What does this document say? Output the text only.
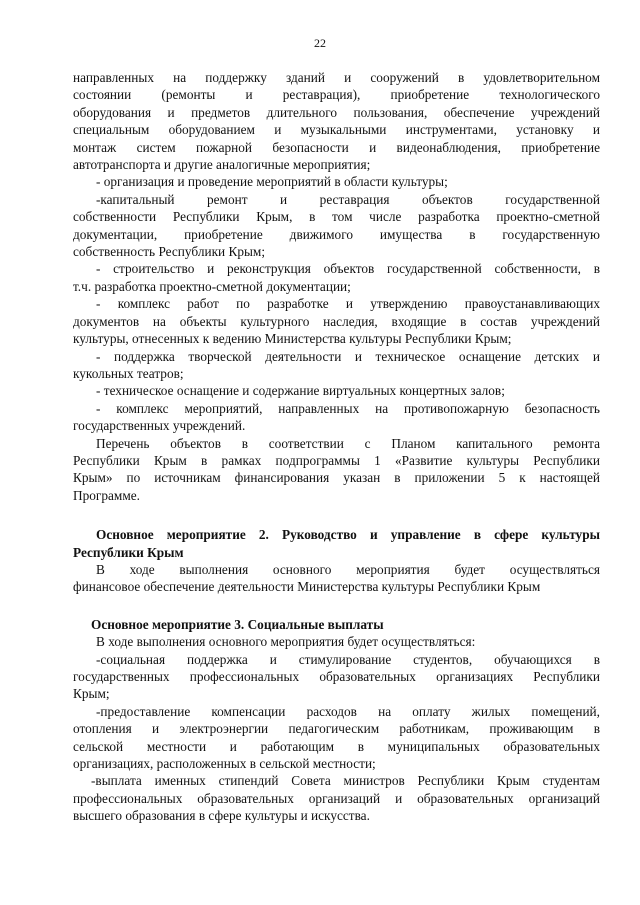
22
направленных на поддержку зданий и сооружений в удовлетворительном
состоянии (ремонты и реставрация), приобретение технологического
оборудования и предметов длительного пользования, обеспечение учреждений
специальным оборудованием и музыкальными инструментами, установку и
монтаж систем пожарной безопасности и видеонаблюдения, приобретение
автотранспорта и другие аналогичные мероприятия;
- организация и проведение мероприятий в области культуры;
-капитальный ремонт и реставрация объектов государственной
собственности Республики Крым, в том числе разработка проектно-сметной
документации, приобретение движимого имущества в государственную
собственность Республики Крым;
- строительство и реконструкция объектов государственной собственности, в
т.ч. разработка проектно-сметной документации;
- комплекс работ по разработке и утверждению правоустанавливающих
документов на объекты культурного наследия, входящие в состав учреждений
культуры, отнесенных к ведению Министерства культуры Республики Крым;
- поддержка творческой деятельности и техническое оснащение детских и
кукольных театров;
- техническое оснащение и содержание виртуальных концертных залов;
- комплекс мероприятий, направленных на противопожарную безопасность
государственных учреждений.
Перечень объектов в соответствии с Планом капитального ремонта
Республики Крым в рамках подпрограммы 1 «Развитие культуры Республики
Крым» по источникам финансирования указан в приложении 5 к настоящей
Программе.
Основное мероприятие 2. Руководство и управление в сфере культуры
Республики Крым
В ходе выполнения основного мероприятия будет осуществляться
финансовое обеспечение деятельности Министерства культуры Республики Крым
Основное мероприятие 3. Социальные выплаты
В ходе выполнения основного мероприятия будет осуществляться:
-социальная поддержка и стимулирование студентов, обучающихся в
государственных профессиональных образовательных организациях Республики
Крым;
-предоставление компенсации расходов на оплату жилых помещений,
отопления и электроэнергии педагогическим работникам, проживающим в
сельской местности и работающим в муниципальных образовательных
организациях, расположенных в сельской местности;
-выплата именных стипендий Совета министров Республики Крым студентам
профессиональных образовательных организаций и образовательных организаций
высшего образования в сфере культуры и искусства.
